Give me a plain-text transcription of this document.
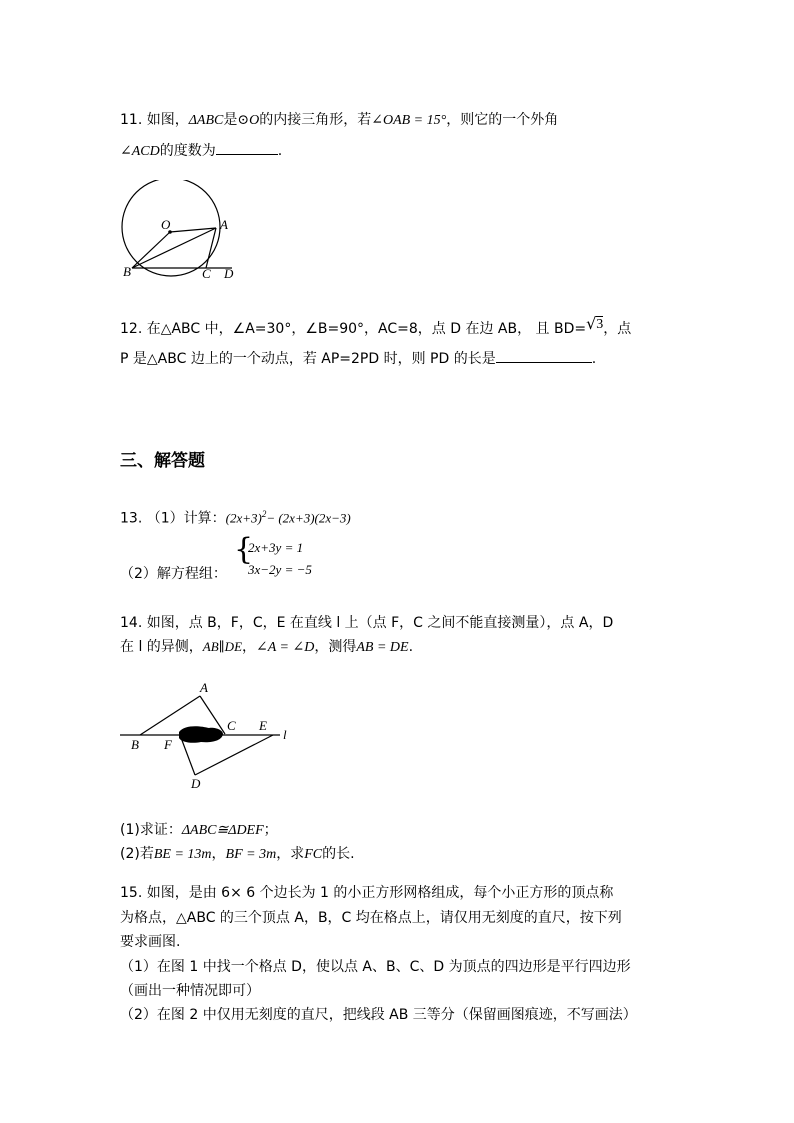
11. 如图，ΔABC是⊙O的内接三角形，若∠OAB = 15°，则它的一个外角
∠ACD的度数为	.
O	A
B	C D
12. 在△ABC 中，∠A=30°，∠B=90°，AC=8，点 D 在边 AB， 且 BD=√3，点
P 是△ABC 边上的一个动点，若 AP=2PD 时，则 PD 的长是	.
三、解答题
13. （1）计算：$(2x+3)^2- (2x+3)(2x-3)$
（2）解方程组：
{
2x+3y = 1
3x−2y = −5
14. 如图，点 B，F，C，E 在直线 l 上（点 F，C 之间不能直接测量），点 A，D
在 l 的异侧，AB∥DE，∠A = ∠D，测得AB = DE.
A
B F
C E
l
D
(1)求证：ΔABC≅ΔDEF；
(2)若BE = 13m，BF = 3m，求FC的长.
15. 如图，是由 6× 6 个边长为 1 的小正方形网格组成，每个小正方形的顶点称
为格点，△ABC 的三个顶点 A，B，C 均在格点上，请仅用无刻度的直尺，按下列
要求画图.
（1）在图 1 中找一个格点 D，使以点 A、B、C、D 为顶点的四边形是平行四边形
（画出一种情况即可）
（2）在图 2 中仅用无刻度的直尺，把线段 AB 三等分（保留画图痕迹，不写画法）
